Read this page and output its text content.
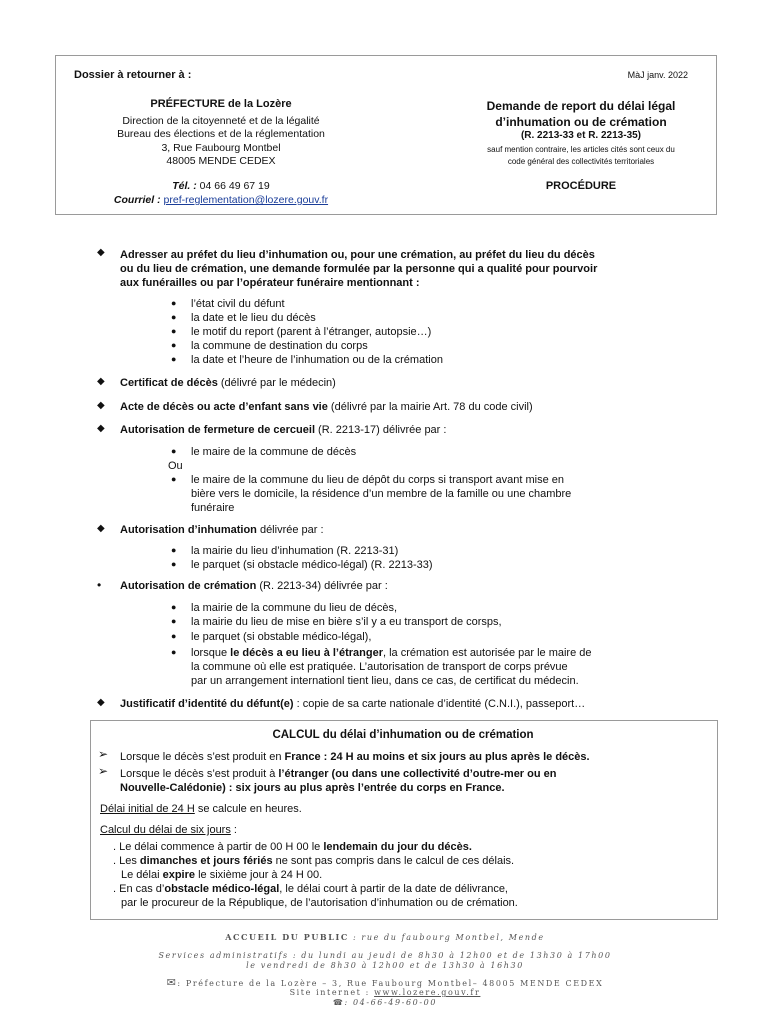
Dossier à retourner à :	MàJ janv. 2022
PRÉFECTURE de la Lozère
Direction de la citoyenneté et de la légalité
Bureau des élections et de la réglementation
3, Rue Faubourg Montbel
48005 MENDE CEDEX
Tél. : 04 66 49 67 19
Courriel : pref-reglementation@lozere.gouv.fr
Demande de report du délai légal
d’inhumation ou de crémation
(R. 2213-33 et R. 2213-35)
sauf mention contraire, les articles cités sont ceux du
code général des collectivités territoriales
PROCÉDURE
◆ Adresser au préfet du lieu d’inhumation ou, pour une crémation, au préfet du lieu du décès
ou du lieu de crémation, une demande formulée par la personne qui a qualité pour pourvoir
aux funérailles ou par l’opérateur funéraire mentionnant :
● l’état civil du défunt
● la date et le lieu du décès
● le motif du report (parent à l’étranger, autopsie…)
● la commune de destination du corps
● la date et l’heure de l’inhumation ou de la crémation
◆ Certificat de décès (délivré par le médecin)
◆ Acte de décès ou acte d’enfant sans vie (délivré par la mairie Art. 78 du code civil)
◆ Autorisation de fermeture de cercueil (R. 2213-17) délivrée par :
● le maire de la commune de décès
Ou
● le maire de la commune du lieu de dépôt du corps si transport avant mise en
bière vers le domicile, la résidence d’un membre de la famille ou une chambre
funéraire
◆ Autorisation d’inhumation délivrée par :
● la mairie du lieu d’inhumation (R. 2213-31)
● le parquet (si obstacle médico-légal) (R. 2213-33)
• Autorisation de crémation (R. 2213-34) délivrée par :
● la mairie de la commune du lieu de décès,
● la mairie du lieu de mise en bière s’il y a eu transport de corsps,
● le parquet (si obstable médico-légal),
● lorsque le décès a eu lieu à l’étranger, la crémation est autorisée par le maire de
la commune où elle est pratiquée. L’autorisation de transport de corps prévue
par un arrangement internationl tient lieu, dans ce cas, de certificat du médecin.
◆ Justificatif d’identité du défunt(e) : copie de sa carte nationale d’identité (C.N.I.), passeport…
CALCUL du délai d’inhumation ou de crémation
➢ Lorsque le décès s’est produit en France : 24 H au moins et six jours au plus après le décès.
➢ Lorsque le décès s’est produit à l’étranger (ou dans une collectivité d’outre-mer ou en
Nouvelle-Calédonie) : six jours au plus après l’entrée du corps en France.
Délai initial de 24 H se calcule en heures.
Calcul du délai de six jours :
. Le délai commence à partir de 00 H 00 le lendemain du jour du décès.
. Les dimanches et jours fériés ne sont pas compris dans le calcul de ces délais.
Le délai expire le sixième jour à 24 H 00.
. En cas d’obstacle médico-légal, le délai court à partir de la date de délivrance,
par le procureur de la République, de l’autorisation d’inhumation ou de crémation.
ACCUEIL DU PUBLIC : rue du faubourg Montbel, Mende
Services administratifs : du lundi au jeudi de 8h30 à 12h00 et de 13h30 à 17h00
le vendredi de 8h30 à 12h00 et de 13h30 à 16h30
✉: Préfecture de la Lozère – 3, Rue Faubourg Montbel– 48005 MENDE CEDEX
Site internet : www.lozere.gouv.fr
☎: 04-66-49-60-00
